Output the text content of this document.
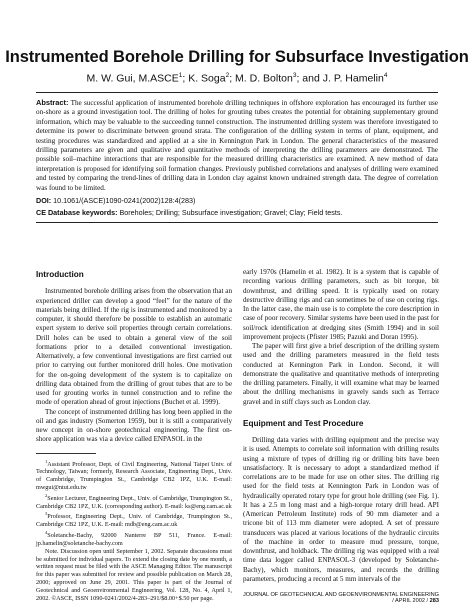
Instrumented Borehole Drilling for Subsurface Investigation
M. W. Gui, M.ASCE$^1$; K. Soga$^2$; M. D. Bolton$^3$; and J. P. Hamelin$^4$
Abstract: The successful application of instrumented borehole drilling techniques in offshore exploration has encouraged its further use on-shore as a ground investigation tool. The drilling of holes for grouting tubes creates the potential for obtaining supplementary ground information, which may be valuable to the succeeding tunnel construction. The instrumented drilling system was therefore investigated to determine its power to discriminate between ground strata. The configuration of the drilling system in terms of plant, equipment, and testing procedures was standardized and applied at a site in Kennington Park in London. The general characteristics of the measured drilling parameters are given and qualitative and quantitative methods of interpreting the drilling parameters are demonstrated. The possible soil–machine interactions that are responsible for the measured drilling characteristics are examined. A new method of data interpretation is proposed for identifying soil formation changes. Previously published correlations and analyses of drilling were examined and tested by comparing the trend-lines of drilling data in London clay against known undrained strength data. The degree of correlation was found to be limited.
DOI: 10.1061/(ASCE)1090-0241(2002)128:4(283)
CE Database keywords: Boreholes; Drilling; Subsurface investigation; Gravel; Clay; Field tests.
Introduction

Instrumented borehole drilling arises from the observation that an experienced driller can develop a good “feel” for the nature of the materials being drilled. If the rig is instrumented and monitored by a computer, it should therefore be possible to establish an automatic expert system to derive soil properties through certain correlations. Drill holes can be used to obtain a general view of the soil formations prior to a detailed conventional investigation. Alternatively, a few conventional investigations are first carried out prior to carrying out further monitored drill holes. One motivation for the on-going development of the system is to capitalize on drilling data obtained from the drilling of grout tubes that are to be used for grouting works in tunnel construction and to refine the mode of operation ahead of grout injections (Buchet et al. 1999).

The concept of instrumented drilling has long been applied in the oil and gas industry (Somerton 1959), but it is still a comparatively new concept in on-shore geotechnical engineering. The first on-shore application was via a device called ENPASOL in the

$^1$Assistant Professor, Dept. of Civil Engineering, National Taipei Univ. of Technology, Taiwan; formerly, Research Associate, Engineering Dept., Univ. of Cambridge, Trumpington St., Cambridge CB2 1PZ, U.K. E-mail: mwgui@ntut.edu.tw

$^2$Senior Lecturer, Engineering Dept., Univ. of Cambridge, Trumpington St., Cambridge CB2 1PZ, U.K. (corresponding author). E-mail: ks@eng.cam.ac.uk

$^3$Professor, Engineering Dept., Univ. of Cambridge, Trumpington St., Cambridge CB2 1PZ, U.K. E-mail: mdb@eng.cam.ac.uk

$^4$Soletanche-Bachy, 92000 Nanterre BP 511, France. E-mail: jp.hamelin@soletanche-bachy.com

Note. Discussion open until September 1, 2002. Separate discussions must be submitted for individual papers. To extend the closing date by one month, a written request must be filed with the ASCE Managing Editor. The manuscript for this paper was submitted for review and possible publication on March 28, 2000; approved on June 29, 2001. This paper is part of the Journal of Geotechnical and Geoenvironmental Engineering, Vol. 128, No. 4, April 1, 2002. ©ASCE, ISSN 1090-0241/2002/4-283–291/$8.00+$.50 per page.

early 1970s (Hamelin et al. 1982). It is a system that is capable of recording various drilling parameters, such as bit torque, bit downthrust, and drilling speed. It is typically used on rotary destructive drilling rigs and can sometimes be of use on coring rigs. In the latter case, the main use is to complete the core description in case of poor recovery. Similar systems have been used in the past for soil/rock identification at dredging sites (Smith 1994) and in soil improvement projects (Pfister 1985; Pazuki and Doran 1995).

The paper will first give a brief description of the drilling system used and the drilling parameters measured in the field tests conducted at Kennington Park in London. Second, it will demonstrate the qualitative and quantitative methods of interpreting the drilling parameters. Finally, it will examine what may be learned about the drilling mechanisms in gravely sands such as Terrace gravel and in stiff clays such as London clay.

Equipment and Test Procedure

Drilling data varies with drilling equipment and the precise way it is used. Attempts to correlate soil information with drilling results using a mixture of types of drilling rig or drilling bits have been unsatisfactory. It is necessary to adopt a standardized method if correlations are to be made for use on other sites. The drilling rig used for the field tests at Kennington Park in London was of hydraulically operated rotary type for grout hole drilling (see Fig. 1). It has a 2.5 m long mast and a high-torque rotary drill head. API (American Petroleum Institute) rods of 90 mm diameter and a tricone bit of 113 mm diameter were adopted. A set of pressure transducers was placed at various locations of the hydraulic circuits of the machine in order to measure mud pressure, torque, downthrust, and holdback. The drilling rig was equipped with a real time data logger called ENPASOL-3 (developed by Soletanche-Bachy), which monitors, measures, and records the drilling parameters, producing a record at 5 mm intervals of the

JOURNAL OF GEOTECHNICAL AND GEOENVIRONMENTAL ENGINEERING / APRIL 2002 / 283
